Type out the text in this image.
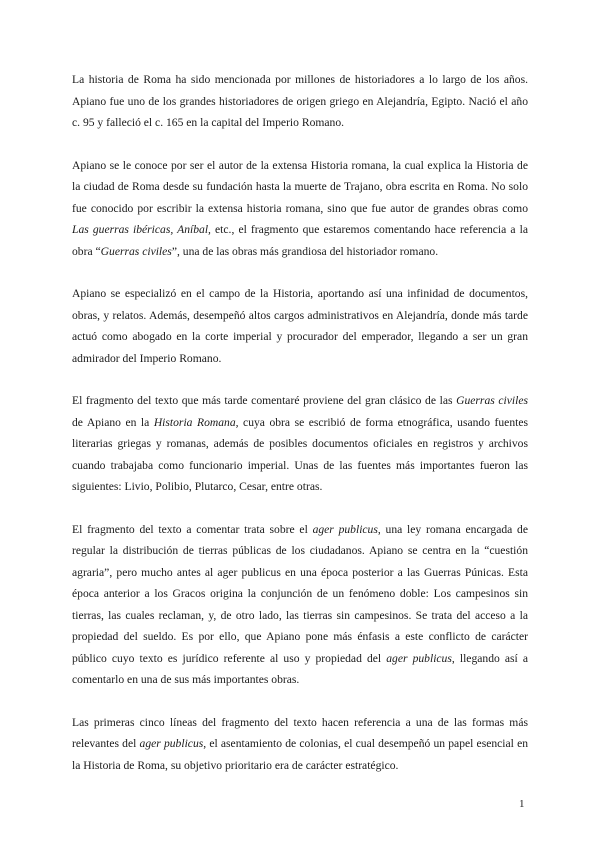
La historia de Roma ha sido mencionada por millones de historiadores a lo largo de los años. Apiano fue uno de los grandes historiadores de origen griego en Alejandría, Egipto. Nació el año c. 95 y falleció el c. 165 en la capital del Imperio Romano.

Apiano se le conoce por ser el autor de la extensa Historia romana, la cual explica la Historia de la ciudad de Roma desde su fundación hasta la muerte de Trajano, obra escrita en Roma. No solo fue conocido por escribir la extensa historia romana, sino que fue autor de grandes obras como Las guerras ibéricas, Aníbal, etc., el fragmento que estaremos comentando hace referencia a la obra “Guerras civiles”, una de las obras más grandiosa del historiador romano.

Apiano se especializó en el campo de la Historia, aportando así una infinidad de documentos, obras, y relatos. Además, desempeñó altos cargos administrativos en Alejandría, donde más tarde actuó como abogado en la corte imperial y procurador del emperador, llegando a ser un gran admirador del Imperio Romano.

El fragmento del texto que más tarde comentaré proviene del gran clásico de las Guerras civiles de Apiano en la Historia Romana, cuya obra se escribió de forma etnográfica, usando fuentes literarias griegas y romanas, además de posibles documentos oficiales en registros y archivos cuando trabajaba como funcionario imperial. Unas de las fuentes más importantes fueron las siguientes: Livio, Polibio, Plutarco, Cesar, entre otras.

El fragmento del texto a comentar trata sobre el ager publicus, una ley romana encargada de regular la distribución de tierras públicas de los ciudadanos. Apiano se centra en la “cuestión agraria”, pero mucho antes al ager publicus en una época posterior a las Guerras Púnicas. Esta época anterior a los Gracos origina la conjunción de un fenómeno doble: Los campesinos sin tierras, las cuales reclaman, y, de otro lado, las tierras sin campesinos. Se trata del acceso a la propiedad del sueldo. Es por ello, que Apiano pone más énfasis a este conflicto de carácter público cuyo texto es jurídico referente al uso y propiedad del ager publicus, llegando así a comentarlo en una de sus más importantes obras.

Las primeras cinco líneas del fragmento del texto hacen referencia a una de las formas más relevantes del ager publicus, el asentamiento de colonias, el cual desempeñó un papel esencial en la Historia de Roma, su objetivo prioritario era de carácter estratégico.

1
